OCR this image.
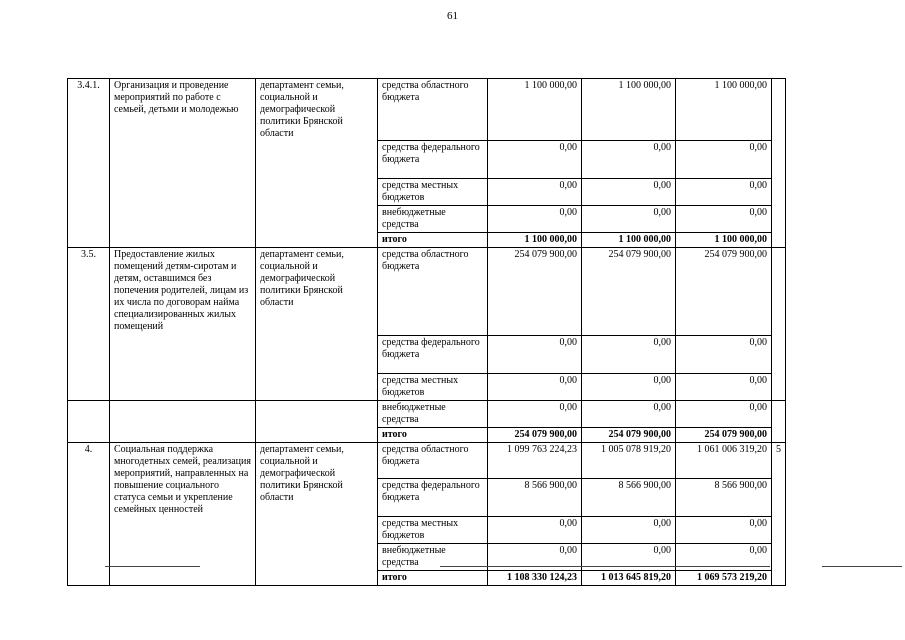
61
3.4.1.	Организация и проведение мероприятий по работе с семьей, детьми и молодежью	департамент семьи, социальной и демографической политики Брянской области	средства областного бюджета	1 100 000,00	1 100 000,00	1 100 000,00	
			средства федерального бюджета	0,00	0,00	0,00	
			средства местных бюджетов	0,00	0,00	0,00	
			внебюджетные средства	0,00	0,00	0,00	
			итого	1 100 000,00	1 100 000,00	1 100 000,00	
3.5.	Предоставление жилых помещений детям-сиротам и детям, оставшимся без попечения родителей, лицам из их числа по договорам найма специализированных жилых помещений	департамент семьи, социальной и демографической политики Брянской области	средства областного бюджета	254 079 900,00	254 079 900,00	254 079 900,00	
			средства федерального бюджета	0,00	0,00	0,00	
			средства местных бюджетов	0,00	0,00	0,00	
			внебюджетные средства	0,00	0,00	0,00	
			итого	254 079 900,00	254 079 900,00	254 079 900,00	
4.	Социальная поддержка многодетных семей, реализация мероприятий, направленных на повышение социального статуса семьи и укрепление семейных ценностей	департамент семьи, социальной и демографической политики Брянской области	средства областного бюджета	1 099 763 224,23	1 005 078 919,20	1 061 006 319,20	5
			средства федерального бюджета	8 566 900,00	8 566 900,00	8 566 900,00	
			средства местных бюджетов	0,00	0,00	0,00	
			внебюджетные средства	0,00	0,00	0,00	
			итого	1 108 330 124,23	1 013 645 819,20	1 069 573 219,20	
